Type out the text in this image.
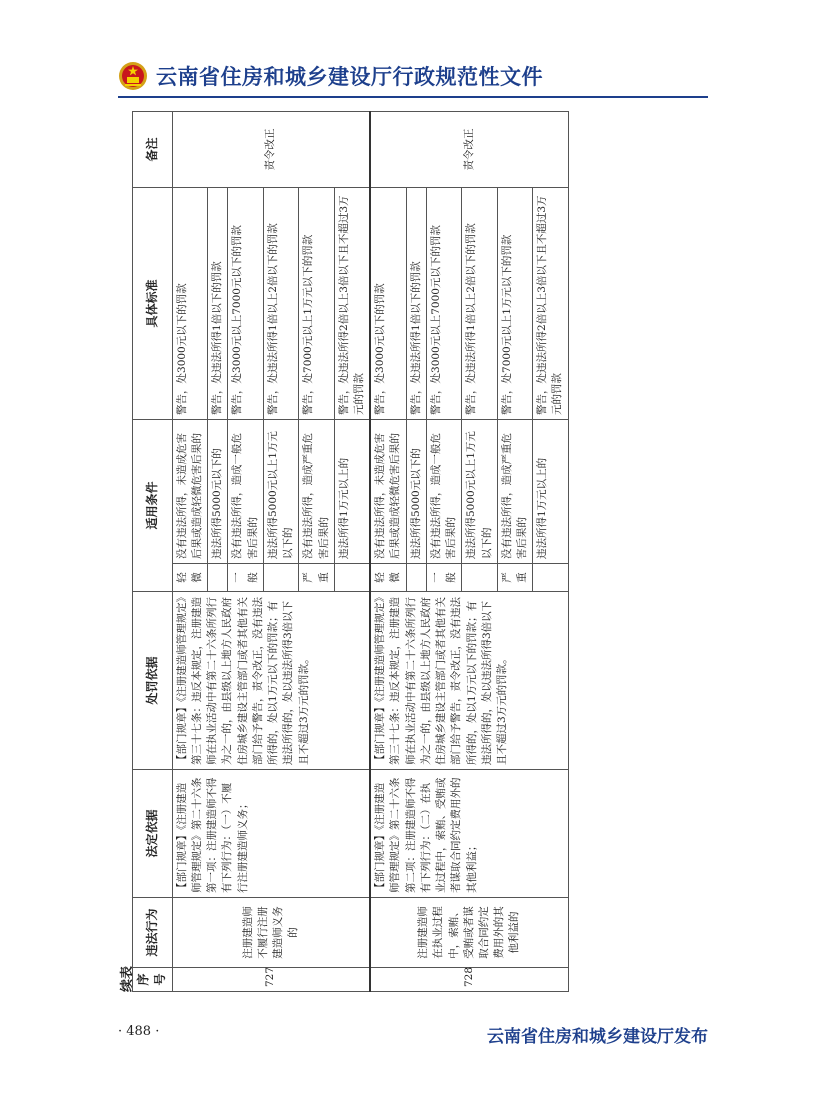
云南省住房和城乡建设厅行政规范性文件
续表 序号	违法行为	法定依据	处罚依据	适用条件		具体标准	备注
727	注册建造师不履行注册建造师义务的	【部门规章】《注册建造师管理规定》第二十六条第一项：注册建造师不得有下列行为：（一）不履行注册建造师义务；	【部门规章】《注册建造师管理规定》第三十七条：违反本规定，注册建造师在执业活动中有第二十六条所列行为之一的，由县级以上地方人民政府住房城乡建设主管部门或者其他有关部门给予警告，责令改正，没有违法所得的，处以1万元以下的罚款；有违法所得的，处以违法所得3倍以下且不超过3万元的罚款。	轻微	没有违法所得，未造成危害后果或造成轻微危害后果的	警告，处3000元以下的罚款	责令改正
					违法所得5000元以下的	警告，处违法所得1倍以下的罚款	
				一般	没有违法所得，造成一般危害后果的	警告，处3000元以上7000元以下的罚款	
					违法所得5000元以上1万元以下的	警告，处违法所得1倍以上2倍以下的罚款	
				严重	没有违法所得，造成严重危害后果的	警告，处7000元以上1万元以下的罚款	
					违法所得1万元以上的	警告，处违法所得2倍以上3倍以下且不超过3万元的罚款	
728	注册建造师在执业过程中，索贿、受贿或者谋取合同约定费用外的其他利益的	【部门规章】《注册建造师管理规定》第二十六条第二项：注册建造师不得有下列行为：（二）在执业过程中，索贿、受贿或者谋取合同约定费用外的其他利益；	【部门规章】《注册建造师管理规定》第三十七条：违反本规定，注册建造师在执业活动中有第二十六条所列行为之一的，由县级以上地方人民政府住房城乡建设主管部门或者其他有关部门给予警告，责令改正，没有违法所得的，处以1万元以下的罚款；有违法所得的，处以违法所得3倍以下且不超过3万元的罚款。	轻微	没有违法所得，未造成危害后果或造成轻微危害后果的	警告，处3000元以下的罚款	责令改正
					违法所得5000元以下的	警告，处违法所得1倍以下的罚款	
				一般	没有违法所得，造成一般危害后果的	警告，处3000元以上7000元以下的罚款	
					违法所得5000元以上1万元以下的	警告，处违法所得1倍以上2倍以下的罚款	
				严重	没有违法所得，造成严重危害后果的	警告，处7000元以上1万元以下的罚款	
					违法所得1万元以上的	警告，处违法所得2倍以上3倍以下且不超过3万元的罚款	
· 488 ·	云南省住房和城乡建设厅发布
